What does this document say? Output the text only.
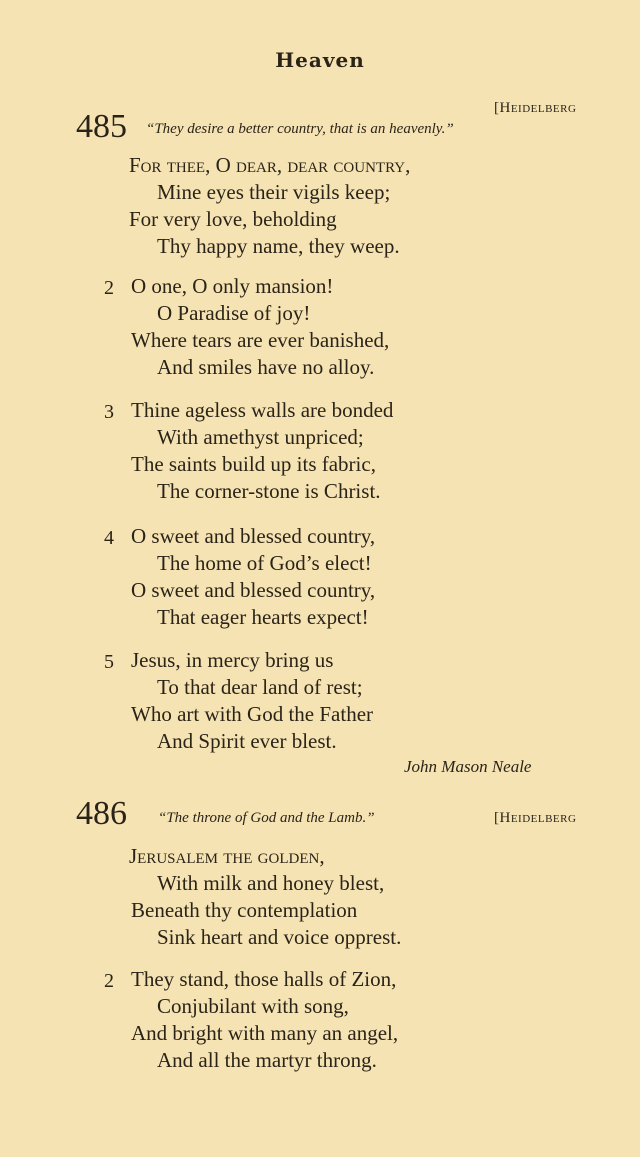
Heaven
[Heidelberg
485 “They desire a better country, that is an heavenly.”
For thee, O dear, dear country,
Mine eyes their vigils keep;
For very love, beholding
Thy happy name, they weep.
2 O one, O only mansion!
O Paradise of joy!
Where tears are ever banished,
And smiles have no alloy.
3 Thine ageless walls are bonded
With amethyst unpriced;
The saints build up its fabric,
The corner-stone is Christ.
4 O sweet and blessed country,
The home of God’s elect!
O sweet and blessed country,
That eager hearts expect!
5 Jesus, in mercy bring us
To that dear land of rest;
Who art with God the Father
And Spirit ever blest.
John Mason Neale
486 “The throne of God and the Lamb.”	[Heidelberg
Jerusalem the golden,
With milk and honey blest,
Beneath thy contemplation
Sink heart and voice opprest.
2 They stand, those halls of Zion,
Conjubilant with song,
And bright with many an angel,
And all the martyr throng.
